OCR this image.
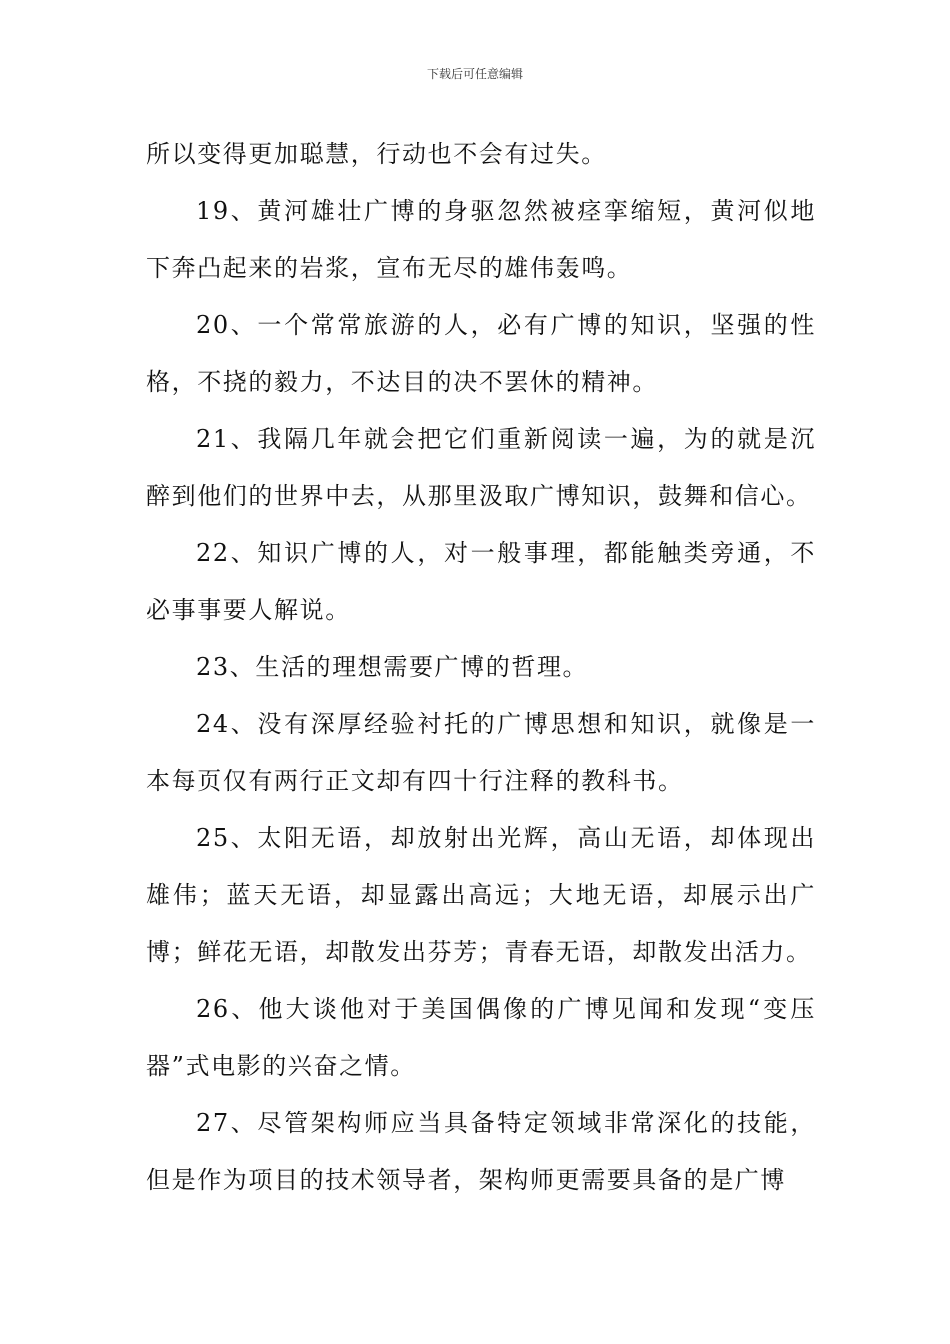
下载后可任意编辑

所以变得更加聪慧，行动也不会有过失。

19、黄河雄壮广博的身驱忽然被痉挛缩短，黄河似地下奔凸起来的岩浆，宣布无尽的雄伟轰鸣。

20、一个常常旅游的人，必有广博的知识，坚强的性格，不挠的毅力，不达目的决不罢休的精神。

21、我隔几年就会把它们重新阅读一遍，为的就是沉醉到他们的世界中去，从那里汲取广博知识，鼓舞和信心。

22、知识广博的人，对一般事理，都能触类旁通，不必事事要人解说。

23、生活的理想需要广博的哲理。

24、没有深厚经验衬托的广博思想和知识，就像是一本每页仅有两行正文却有四十行注释的教科书。

25、太阳无语，却放射出光辉，高山无语，却体现出雄伟；蓝天无语，却显露出高远；大地无语，却展示出广博；鲜花无语，却散发出芬芳；青春无语，却散发出活力。

26、他大谈他对于美国偶像的广博见闻和发现“变压器”式电影的兴奋之情。

27、尽管架构师应当具备特定领域非常深化的技能，但是作为项目的技术领导者，架构师更需要具备的是广博
